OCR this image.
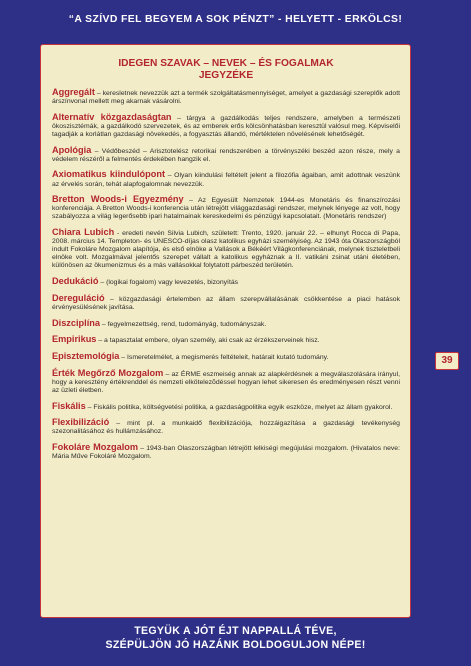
“A SZÍVD FEL BEGYEM A SOK PÉNZT” - HELYETT - ERKÖLCS!
IDEGEN SZAVAK – NEVEK – ÉS FOGALMAK
JEGYZÉKE

Aggregált – keresletnek nevezzük azt a termék szolgáltatásmennyiséget, amelyet a gazdasági szereplők adott árszínvonal mellett meg akarnak vásárolni.

Alternatív közgazdaságtan – tárgya a gazdálkodás teljes rendszere, amelyben a természeti ökoszisztémák, a gazdálkodó szervezetek, és az emberek erős kölcsönhatásban keresztül valósul meg. Képviselői tagadják a korlátlan gazdasági növekedés, a fogyasztás állandó, mértéktelen növelésének lehetőségét.

Apológia – Védőbeszéd – Arisztotelész retorikai rendszerében a törvényszéki beszéd azon része, mely a védelem részéről a felmentés érdekében hangzik el.

Axiomatikus kiindulópont – Olyan kiindulási feltételt jelent a filozófia ágaiban, amit adottnak veszünk az érvelés során, tehát alapfogalomnak nevezzük.

Bretton Woods-i Egyezmény – Az Egyesült Nemzetek 1944-es Monetáris és finanszírozási konferenciája. A Bretton Woods-i konferencia után létrejött világgazdasági rendszer, melynek lényege az volt, hogy szabályozza a világ legerősebb ipari hatalmainak kereskedelmi és pénzügyi kapcsolatait. (Monetáris rendszer)

Chiara Lubich - eredeti nevén Silvia Lubich, született: Trento, 1920. január 22. – elhunyt Rocca di Papa, 2008. március 14. Templeton- és UNESCO-díjas olasz katolikus egyházi személyiség. Az 1943 óta Olaszországból indult Fokoláre Mozgalom alapítója, és első elnöke a Vallások a Békéért Világkonferenciának, melynek tiszteletbeli elnöke volt. Mozgalmával jelentős szerepet vállalt a katolikus egyháznak a II. vatikáni zsinat utáni életében, különösen az ökumenizmus és a más vallásokkal folytatott párbeszéd területén.

Dedukáció – (logikai fogalom) vagy levezetés, bizonyítás

Dereguláció – közgazdasági értelemben az állam szerepvállalásának csökkentése a piaci hatások érvényesülésének javítása.

Diszciplína – fegyelmezettség, rend, tudományág, tudományszak.

Empirikus – a tapasztalat embere, olyan személy, aki csak az érzékszerveinek hisz.

Episztemológia – Ismeretelmélet, a megismerés feltételeit, határait kutató tudomány.

Érték Megőrző Mozgalom – az ÉRME eszmeiség annak az alapkérdésnek a megválaszolására irányul, hogy a keresztény értékrenddel és nemzeti elkötelezõdéssel hogyan lehet sikeresen és eredményesen részt venni az üzleti életben.

Fiskális – Fiskális politika, költségvetési politika, a gazdaságpolitika egyik eszköze, melyet az állam gyakorol.

Flexibilizáció – mint pl. a munkaidő flexibilizációja, hozzáigazítása a gazdasági tevékenység szezonalitásához és hullámzásához.

Fokoláre Mozgalom – 1943-ban Olaszországban létrejött lelkiségi megújulási mozgalom. (Hivatalos neve: Mária Műve Fokoláré Mozgalom.

39
TEGYÜK A JÓT ÉJT NAPPALLÁ TÉVE,
SZÉPÜLJÖN JÓ HAZÁNK BOLDOGULJON NÉPE!
